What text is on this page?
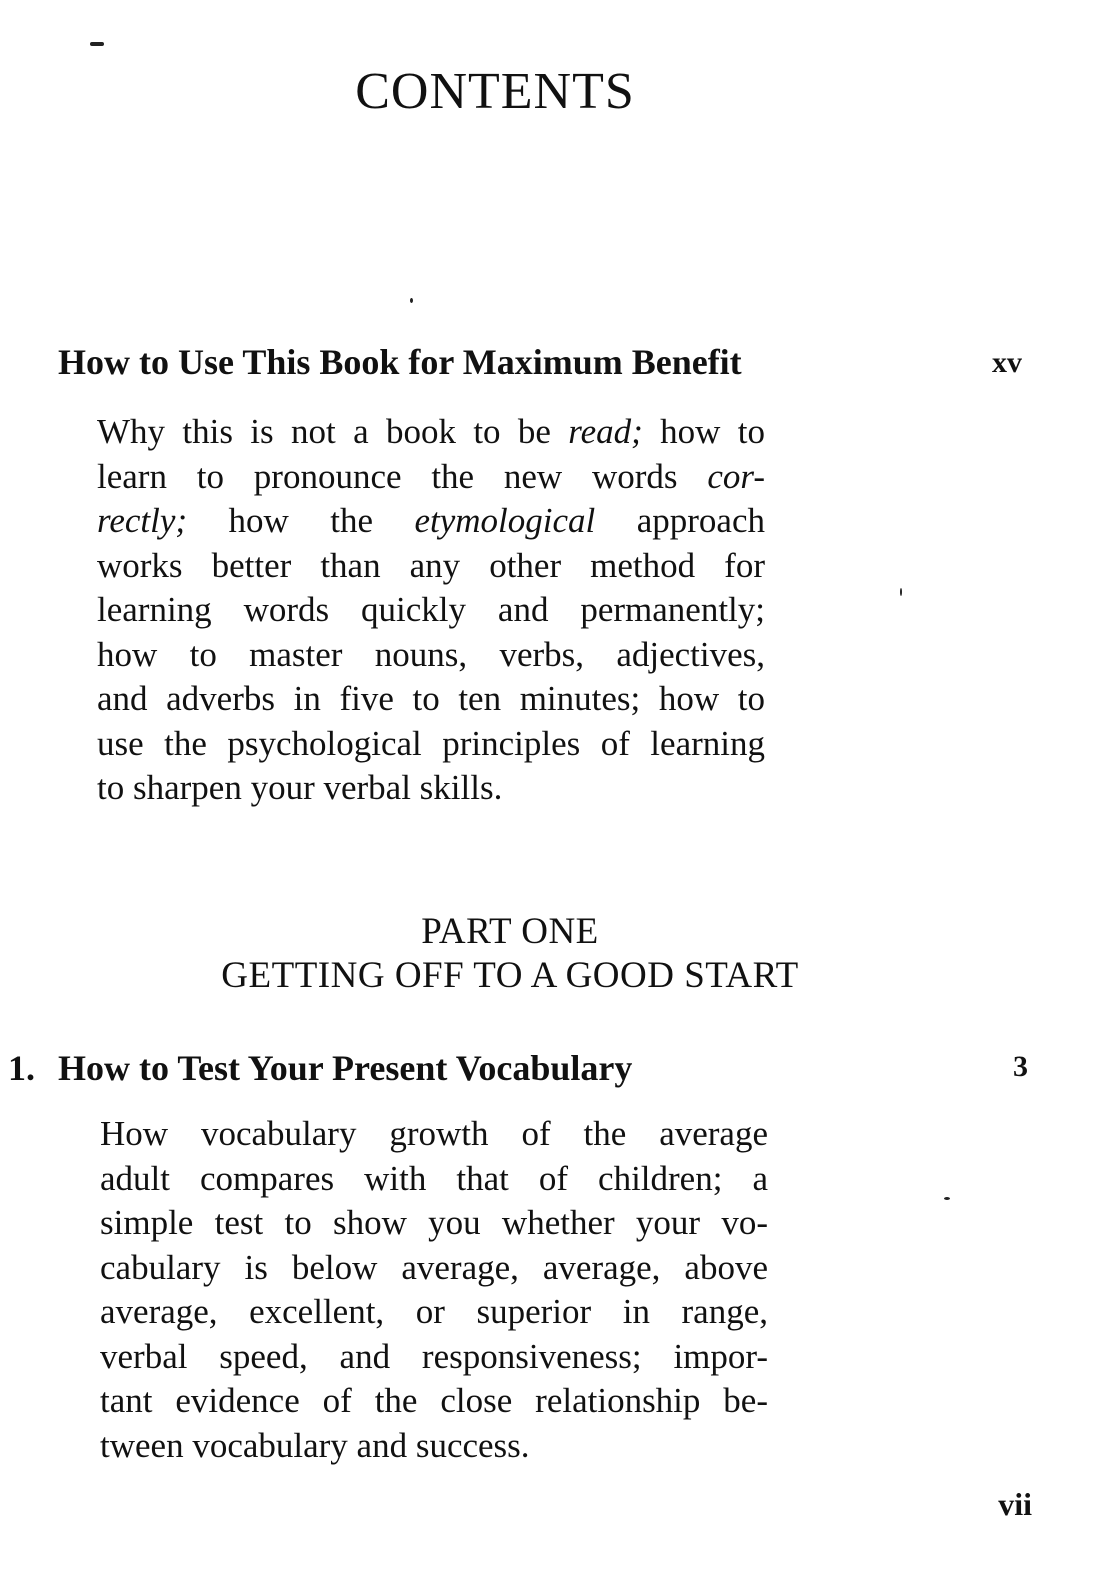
CONTENTS
How to Use This Book for Maximum Benefit	xv
Why this is not a book to be read; how to
learn to pronounce the new words cor-
rectly; how the etymological approach
works better than any other method for
learning words quickly and permanently;
how to master nouns, verbs, adjectives,
and adverbs in five to ten minutes; how to
use the psychological principles of learning
to sharpen your verbal skills.
PART ONE
GETTING OFF TO A GOOD START
1. How to Test Your Present Vocabulary	3
How vocabulary growth of the average
adult compares with that of children; a
simple test to show you whether your vo-
cabulary is below average, average, above
average, excellent, or superior in range,
verbal speed, and responsiveness; impor-
tant evidence of the close relationship be-
tween vocabulary and success.
vii
